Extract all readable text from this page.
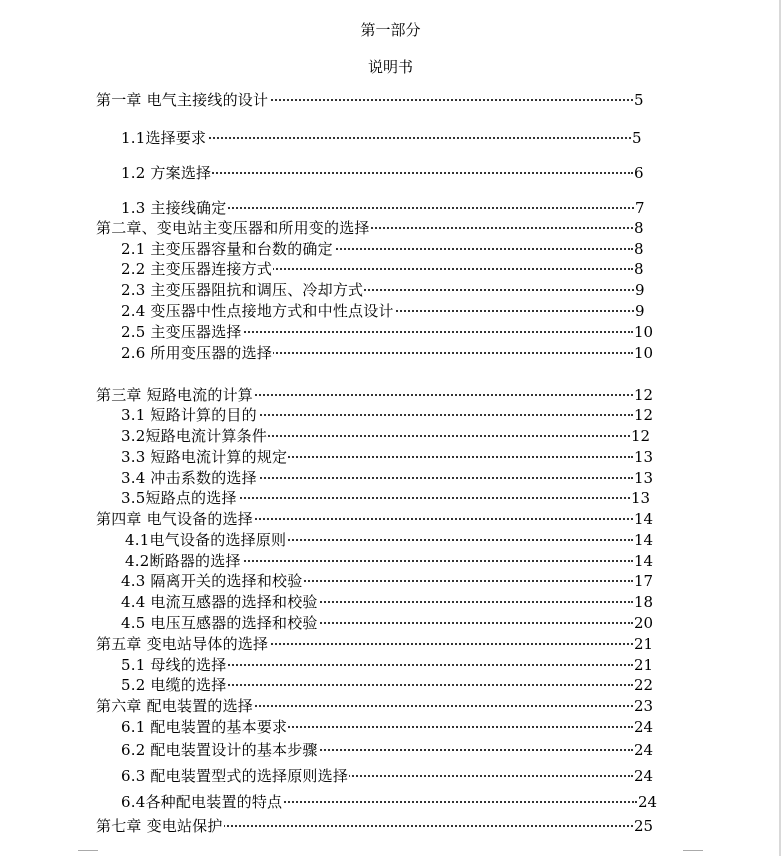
第一部分
说明书
第一章 电气主接线的设计	5
1.1选择要求	5
1.2 方案选择	6
1.3 主接线确定	7
第二章、变电站主变压器和所用变的选择	8
2.1 主变压器容量和台数的确定	8
2.2 主变压器连接方式	8
2.3 主变压器阻抗和调压、冷却方式	9
2.4 变压器中性点接地方式和中性点设计	9
2.5 主变压器选择	10
2.6 所用变压器的选择	10
第三章 短路电流的计算	12
3.1 短路计算的目的	12
3.2短路电流计算条件	12
3.3 短路电流计算的规定	13
3.4 冲击系数的选择	13
3.5短路点的选择	13
第四章 电气设备的选择	14
4.1电气设备的选择原则	14
4.2断路器的选择	14
4.3 隔离开关的选择和校验	17
4.4 电流互感器的选择和校验	18
4.5 电压互感器的选择和校验	20
第五章 变电站导体的选择	21
5.1 母线的选择	21
5.2 电缆的选择	22
第六章 配电装置的选择	23
6.1 配电装置的基本要求	24
6.2 配电装置设计的基本步骤	24
6.3 配电装置型式的选择原则选择	24
6.4各种配电装置的特点	24
第七章 变电站保护	25
